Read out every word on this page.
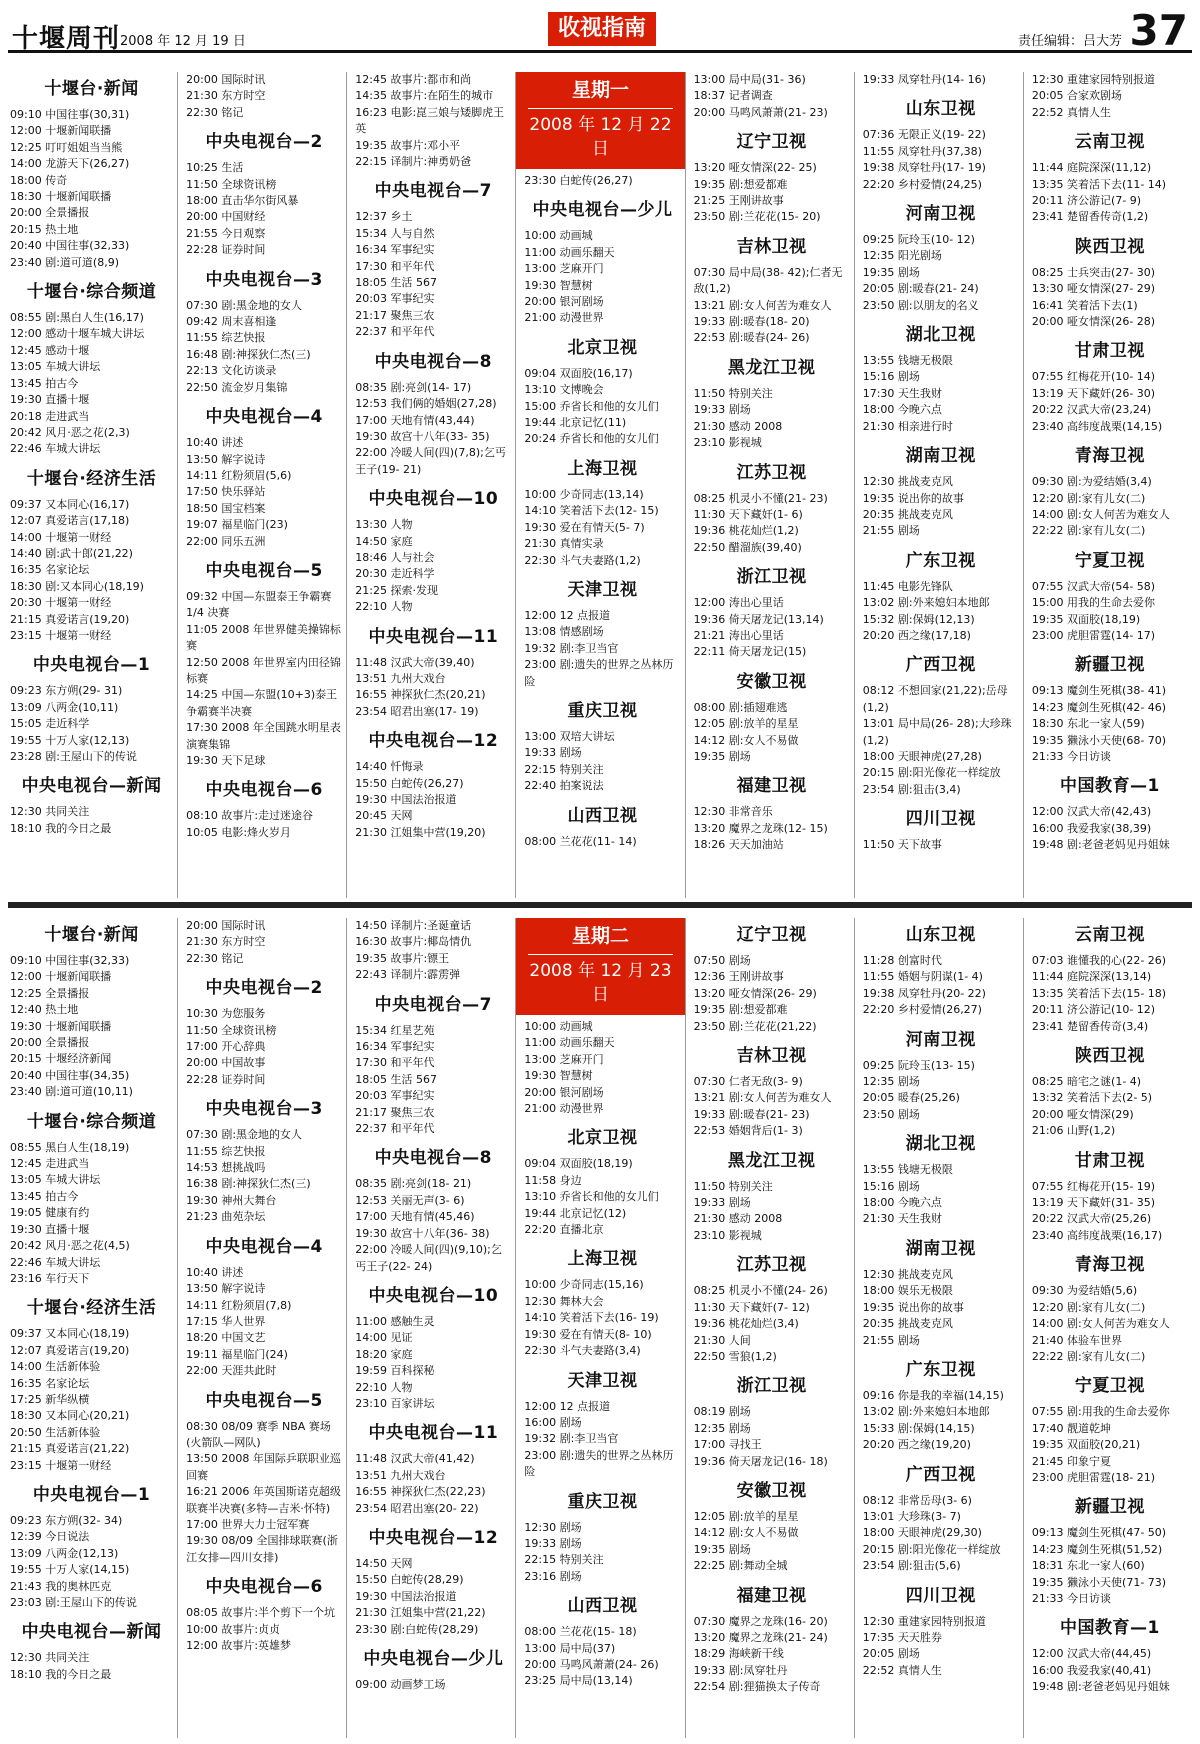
十堰周刊 2008 年 12 月 19 日
收视指南
责任编辑：吕大芳 37
十堰台·新闻
09:10 中国往事(30,31)
12:00 十堰新闻联播
12:25 叮叮姐姐当当熊
14:00 龙游天下(26,27)
18:00 传奇
18:30 十堰新闻联播
20:00 全景播报
20:15 热土地
20:40 中国往事(32,33)
23:40 剧:道可道(8,9)
十堰台·综合频道
08:55 剧:黑白人生(16,17)
12:00 感动十堰车城大讲坛
12:45 感动十堰
13:05 车城大讲坛
13:45 拍古今
19:30 直播十堰
20:18 走进武当
20:42 风月·恶之花(2,3)
22:46 车城大讲坛
十堰台·经济生活
09:37 又本同心(16,17)
12:07 真爱诺言(17,18)
14:00 十堰第一财经
14:40 剧:武十郎(21,22)
16:35 名家论坛
18:30 剧:又本同心(18,19)
20:30 十堰第一财经
21:15 真爱诺言(19,20)
23:15 十堰第一财经
中央电视台—1
09:23 东方朔(29- 31)
13:09 八两金(10,11)
15:05 走近科学
19:55 十万人家(12,13)
23:28 剧:王屋山下的传说
中央电视台—新闻
12:30 共同关注
18:10 我的今日之最
20:00 国际时讯
21:30 东方时空
22:30 铭记
中央电视台—2
10:25 生活
11:50 全球资讯榜
18:00 直击华尔街风暴
20:00 中国财经
21:55 今日观察
22:28 证券时间
中央电视台—3
07:30 剧:黑金地的女人
09:42 周末喜相逢
11:55 综艺快报
16:48 剧:神探狄仁杰(三)
22:13 文化访谈录
22:50 流金岁月集锦
中央电视台—4
10:40 讲述
13:50 解字说诗
14:11 红粉须眉(5,6)
17:50 快乐驿站
18:50 国宝档案
19:07 福星临门(23)
22:00 同乐五洲
中央电视台—5
09:32 中国—东盟泰王争霸赛 1/4 决赛
11:05 2008 年世界健美操锦标赛
12:50 2008 年世界室内田径锦标赛
14:25 中国—东盟(10+3)泰王争霸赛半决赛
17:30 2008 年全国跳水明星表演赛集锦
19:30 天下足球
中央电视台—6
08:10 故事片:走过迷途谷
10:05 电影:烽火岁月
12:45 故事片:都市和尚
14:35 故事片:在陌生的城市
16:23 电影:崑三娘与矮脚虎王英
19:35 故事片:邓小平
22:15 译制片:神勇奶爸
中央电视台—7
12:37 乡土
15:34 人与自然
16:34 军事纪实
17:30 和平年代
18:05 生活 567
20:03 军事纪实
21:17 聚焦三农
22:37 和平年代
中央电视台—8
08:35 剧:亮剑(14- 17)
12:53 我们俩的婚姻(27,28)
17:00 天地有情(43,44)
19:30 故宫十八年(33- 35)
22:00 冷暖人间(四)(7,8);乞丐王子(19- 21)
中央电视台—10
13:30 人物
14:50 家庭
18:46 人与社会
20:30 走近科学
21:25 探索·发现
22:10 人物
中央电视台—11
11:48 汉武大帝(39,40)
13:51 九州大戏台
16:55 神探狄仁杰(20,21)
23:54 昭君出塞(17- 19)
中央电视台—12
14:40 忏悔录
15:50 白蛇传(26,27)
19:30 中国法治报道
20:45 天网
21:30 江姐集中营(19,20)
星期一
2008 年 12 月 22 日
23:30 白蛇传(26,27)
中央电视台—少儿
10:00 动画城
11:00 动画乐翻天
13:00 芝麻开门
19:30 智慧树
20:00 银河剧场
21:00 动漫世界
北京卫视
09:04 双面胶(16,17)
13:10 文博晚会
15:00 乔省长和他的女儿们
19:44 北京记忆(11)
20:24 乔省长和他的女儿们
上海卫视
10:00 少奇同志(13,14)
14:10 笑着活下去(12- 15)
19:30 爱在有情天(5- 7)
21:30 真情实录
22:30 斗气夫妻路(1,2)
天津卫视
12:00 12 点报道
13:08 情感剧场
19:32 剧:李卫当官
23:00 剧:遗失的世界之丛林历险
重庆卫视
13:00 双培大讲坛
19:33 剧场
22:15 特别关注
22:40 拍案说法
山西卫视
08:00 兰花花(11- 14)
13:00 局中局(31- 36)
18:37 记者调查
20:00 马鸣风萧萧(21- 23)
辽宁卫视
13:20 哑女情深(22- 25)
19:35 剧:想爱都难
21:25 王刚讲故事
23:50 剧:兰花花(15- 20)
吉林卫视
07:30 局中局(38- 42);仁者无敌(1,2)
13:21 剧:女人何苦为难女人
19:33 剧:暖春(18- 20)
22:53 剧:暖春(24- 26)
黑龙江卫视
11:50 特别关注
19:33 剧场
21:30 感动 2008
23:10 影视城
江苏卫视
08:25 机灵小不懂(21- 23)
11:30 天下藏奸(1- 6)
19:36 桃花灿烂(1,2)
22:50 醋溜族(39,40)
浙江卫视
12:00 涛出心里话
19:36 倚天屠龙记(13,14)
21:21 涛出心里话
22:11 倚天屠龙记(15)
安徽卫视
08:00 剧:插翅难逃
12:05 剧:放羊的星星
14:12 剧:女人不易做
19:35 剧场
福建卫视
12:30 非常音乐
13:20 魔界之龙珠(12- 15)
18:26 天天加油站
19:33 凤穿牡丹(14- 16)
山东卫视
07:36 无限正义(19- 22)
11:55 凤穿牡丹(37,38)
19:38 凤穿牡丹(17- 19)
22:20 乡村爱情(24,25)
河南卫视
09:25 阮玲玉(10- 12)
12:35 阳光剧场
19:35 剧场
20:05 剧:暖春(21- 24)
23:50 剧:以朋友的名义
湖北卫视
13:55 钱塘无极限
15:16 剧场
17:30 天生我财
18:00 今晚六点
21:30 相亲进行时
湖南卫视
12:30 挑战麦克风
19:35 说出你的故事
20:35 挑战麦克风
21:55 剧场
广东卫视
11:45 电影先锋队
13:02 剧:外来媳妇本地郎
15:32 剧:保姆(12,13)
20:20 西之缘(17,18)
广西卫视
08:12 不想回家(21,22);岳母(1,2)
13:01 局中局(26- 28);大珍珠(1,2)
18:00 天眼神虎(27,28)
20:15 剧:阳光像花一样绽放
23:54 剧:狙击(3,4)
四川卫视
11:50 天下故事
12:30 重建家园特别报道
20:05 合家欢剧场
22:52 真情人生
云南卫视
11:44 庭院深深(11,12)
13:35 笑着活下去(11- 14)
20:11 济公游记(7- 9)
23:41 楚留香传奇(1,2)
陕西卫视
08:25 士兵突击(27- 30)
13:30 哑女情深(27- 29)
16:41 笑着活下去(1)
20:00 哑女情深(26- 28)
甘肃卫视
07:55 红梅花开(10- 14)
13:19 天下藏奸(26- 30)
20:22 汉武大帝(23,24)
23:40 高纬度战栗(14,15)
青海卫视
09:30 剧:为爱结婚(3,4)
12:20 剧:家有儿女(二)
14:00 剧:女人何苦为难女人
22:22 剧:家有儿女(二)
宁夏卫视
07:55 汉武大帝(54- 58)
15:00 用我的生命去爱你
19:35 双面胶(18,19)
23:00 虎胆雷霆(14- 17)
新疆卫视
09:13 魔剑生死棋(38- 41)
14:23 魔剑生死棋(42- 46)
18:30 东北一家人(59)
19:35 獭泳小天使(68- 70)
21:33 今日访谈
中国教育—1
12:00 汉武大帝(42,43)
16:00 我爱我家(38,39)
19:48 剧:老爸老妈见丹姐妹
十堰台·新闻
09:10 中国往事(32,33)
12:00 十堰新闻联播
12:25 全景播报
12:40 热土地
19:30 十堰新闻联播
20:00 全景播报
20:15 十堰经济新闻
20:40 中国往事(34,35)
23:40 剧:道可道(10,11)
十堰台·综合频道
08:55 黑白人生(18,19)
12:45 走进武当
13:05 车城大讲坛
13:45 拍古今
19:05 健康有约
19:30 直播十堰
20:42 风月·恶之花(4,5)
22:46 车城大讲坛
23:16 车行天下
十堰台·经济生活
09:37 又本同心(18,19)
12:07 真爱诺言(19,20)
14:00 生活新体验
16:35 名家论坛
17:25 新华纵横
18:30 又本同心(20,21)
20:50 生活新体验
21:15 真爱诺言(21,22)
23:15 十堰第一财经
中央电视台—1
09:23 东方朔(32- 34)
12:39 今日说法
13:09 八两金(12,13)
19:55 十万人家(14,15)
21:43 我的奥林匹克
23:03 剧:王屋山下的传说
中央电视台—新闻
12:30 共同关注
18:10 我的今日之最
20:00 国际时讯
21:30 东方时空
22:30 铭记
中央电视台—2
10:30 为您服务
11:50 全球资讯榜
17:00 开心辞典
20:00 中国故事
22:28 证券时间
中央电视台—3
07:30 剧:黑金地的女人
11:55 综艺快报
14:53 想挑战吗
16:38 剧:神探狄仁杰(三)
19:30 神州大舞台
21:23 曲苑杂坛
中央电视台—4
10:40 讲述
13:50 解字说诗
14:11 红粉须眉(7,8)
17:15 华人世界
18:20 中国文艺
19:11 福星临门(24)
22:00 天涯共此时
中央电视台—5
08:30 08/09 赛季 NBA 赛场(火箭队—网队)
13:50 2008 年国际乒联职业巡回赛
16:21 2006 年英国斯诺克超级联赛半决赛(多特—吉米·怀特)
17:00 世界大力士冠军赛
19:30 08/09 全国排球联赛(浙江女排—四川女排)
中央电视台—6
08:05 故事片:半个剪下一个坑
10:00 故事片:贞贞
12:00 故事片:英雄梦
14:50 译制片:圣诞童话
16:30 故事片:椰岛情仇
19:35 故事片:镖王
22:43 译制片:霹雳弹
中央电视台—7
15:34 红星艺苑
16:34 军事纪实
17:30 和平年代
18:05 生活 567
20:03 军事纪实
21:17 聚焦三农
22:37 和平年代
中央电视台—8
08:35 剧:亮剑(18- 21)
12:53 关丽无声(3- 6)
17:00 天地有情(45,46)
19:30 故宫十八年(36- 38)
22:00 冷暖人间(四)(9,10);乞丐王子(22- 24)
中央电视台—10
11:00 感触生灵
14:00 见证
18:20 家庭
19:59 百科探秘
22:10 人物
23:10 百家讲坛
中央电视台—11
11:48 汉武大帝(41,42)
13:51 九州大戏台
16:55 神探狄仁杰(22,23)
23:54 昭君出塞(20- 22)
中央电视台—12
14:50 天网
15:50 白蛇传(28,29)
19:30 中国法治报道
21:30 江姐集中营(21,22)
23:30 剧:白蛇传(28,29)
中央电视台—少儿
09:00 动画梦工场
星期二
2008 年 12 月 23 日
10:00 动画城
11:00 动画乐翻天
13:00 芝麻开门
19:30 智慧树
20:00 银河剧场
21:00 动漫世界
北京卫视
09:04 双面胶(18,19)
11:58 身边
13:10 乔省长和他的女儿们
19:44 北京记忆(12)
22:20 直播北京
上海卫视
10:00 少奇同志(15,16)
12:30 舞林大会
14:10 笑着活下去(16- 19)
19:30 爱在有情天(8- 10)
22:30 斗气夫妻路(3,4)
天津卫视
12:00 12 点报道
16:00 剧场
19:32 剧:李卫当官
23:00 剧:遗失的世界之丛林历险
重庆卫视
12:30 剧场
19:33 剧场
22:15 特别关注
23:16 剧场
山西卫视
08:00 兰花花(15- 18)
13:00 局中局(37)
20:00 马鸣风萧萧(24- 26)
23:25 局中局(13,14)
辽宁卫视
07:50 剧场
12:36 王刚讲故事
13:20 哑女情深(26- 29)
19:35 剧:想爱都难
23:50 剧:兰花花(21,22)
吉林卫视
07:30 仁者无敌(3- 9)
13:21 剧:女人何苦为难女人
19:33 剧:暖春(21- 23)
22:53 婚姻背后(1- 3)
黑龙江卫视
11:50 特别关注
19:33 剧场
21:30 感动 2008
23:10 影视城
江苏卫视
08:25 机灵小不懂(24- 26)
11:30 天下藏奸(7- 12)
19:36 桃花灿烂(3,4)
21:30 人间
22:50 雪狼(1,2)
浙江卫视
08:19 剧场
12:35 剧场
17:00 寻找王
19:36 倚天屠龙记(16- 18)
安徽卫视
12:05 剧:放羊的星星
14:12 剧:女人不易做
19:35 剧场
22:25 剧:舞动全城
福建卫视
07:30 魔界之龙珠(16- 20)
13:20 魔界之龙珠(21- 24)
18:29 海峡新干线
19:33 剧:凤穿牡丹
22:54 剧:狸猫换太子传奇
山东卫视
11:28 创富时代
11:55 婚姻与阴谋(1- 4)
19:38 凤穿牡丹(20- 22)
22:20 乡村爱情(26,27)
河南卫视
09:25 阮玲玉(13- 15)
12:35 剧场
20:05 暖春(25,26)
23:50 剧场
湖北卫视
13:55 钱塘无极限
15:16 剧场
18:00 今晚六点
21:30 天生我财
湖南卫视
12:30 挑战麦克风
18:00 娱乐无极限
19:35 说出你的故事
20:35 挑战麦克风
21:55 剧场
广东卫视
09:16 你是我的幸福(14,15)
13:02 剧:外来媳妇本地郎
15:33 剧:保姆(14,15)
20:20 西之缘(19,20)
广西卫视
08:12 非常岳母(3- 6)
13:01 大珍珠(3- 7)
18:00 天眼神虎(29,30)
20:15 剧:阳光像花一样绽放
23:54 剧:狙击(5,6)
四川卫视
12:30 重建家园特别报道
17:35 天天胜券
20:05 剧场
22:52 真情人生
云南卫视
07:03 谁懂我的心(22- 26)
11:44 庭院深深(13,14)
13:35 笑着活下去(15- 18)
20:11 济公游记(10- 12)
23:41 楚留香传奇(3,4)
陕西卫视
08:25 暗宅之谜(1- 4)
13:32 笑着活下去(2- 5)
20:00 哑女情深(29)
21:06 山野(1,2)
甘肃卫视
07:55 红梅花开(15- 19)
13:19 天下藏奸(31- 35)
20:22 汉武大帝(25,26)
23:40 高纬度战栗(16,17)
青海卫视
09:30 为爱结婚(5,6)
12:20 剧:家有儿女(二)
14:00 剧:女人何苦为难女人
21:40 体验车世界
22:22 剧:家有儿女(二)
宁夏卫视
07:55 剧:用我的生命去爱你
17:40 靓道乾坤
19:35 双面胶(20,21)
21:45 印象宁夏
23:00 虎胆雷霆(18- 21)
新疆卫视
09:13 魔剑生死棋(47- 50)
14:23 魔剑生死棋(51,52)
18:31 东北一家人(60)
19:35 獭泳小天使(71- 73)
21:33 今日访谈
中国教育—1
12:00 汉武大帝(44,45)
16:00 我爱我家(40,41)
19:48 剧:老爸老妈见丹姐妹
